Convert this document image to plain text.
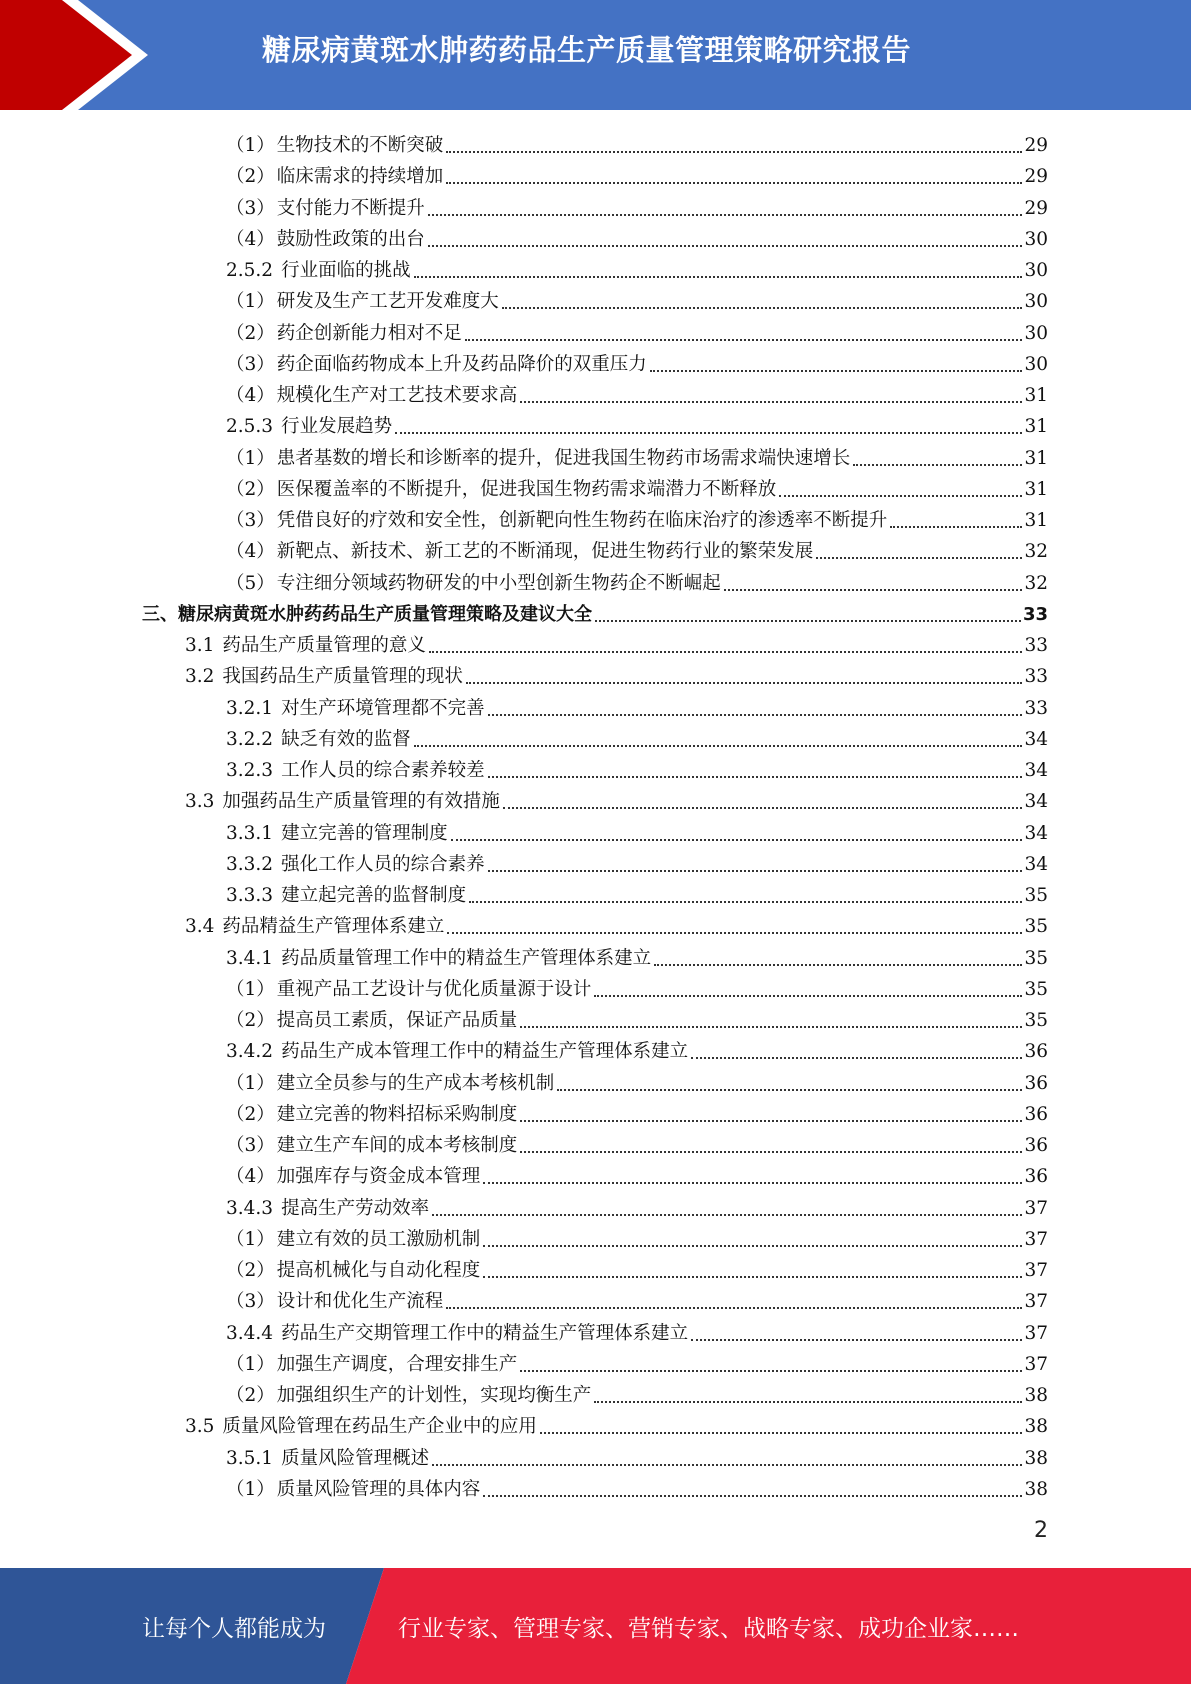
糖尿病黄斑水肿药药品生产质量管理策略研究报告
（1） 生物技术的不断突破	29
（2） 临床需求的持续增加	29
（3） 支付能力不断提升	29
（4） 鼓励性政策的出台	30
2.5.2 行业面临的挑战	30
（1） 研发及生产工艺开发难度大	30
（2） 药企创新能力相对不足	30
（3） 药企面临药物成本上升及药品降价的双重压力	30
（4） 规模化生产对工艺技术要求高	31
2.5.3 行业发展趋势	31
（1） 患者基数的增长和诊断率的提升，促进我国生物药市场需求端快速增长	31
（2） 医保覆盖率的不断提升，促进我国生物药需求端潜力不断释放	31
（3） 凭借良好的疗效和安全性，创新靶向性生物药在临床治疗的渗透率不断提升	31
（4） 新靶点、新技术、新工艺的不断涌现，促进生物药行业的繁荣发展	32
（5） 专注细分领域药物研发的中小型创新生物药企不断崛起	32
三、 糖尿病黄斑水肿药药品生产质量管理策略及建议大全	33
3.1 药品生产质量管理的意义	33
3.2 我国药品生产质量管理的现状	33
3.2.1 对生产环境管理都不完善	33
3.2.2 缺乏有效的监督	34
3.2.3 工作人员的综合素养较差	34
3.3 加强药品生产质量管理的有效措施	34
3.3.1 建立完善的管理制度	34
3.3.2 强化工作人员的综合素养	34
3.3.3 建立起完善的监督制度	35
3.4 药品精益生产管理体系建立	35
3.4.1 药品质量管理工作中的精益生产管理体系建立	35
（1） 重视产品工艺设计与优化质量源于设计	35
（2） 提高员工素质，保证产品质量	35
3.4.2 药品生产成本管理工作中的精益生产管理体系建立	36
（1） 建立全员参与的生产成本考核机制	36
（2） 建立完善的物料招标采购制度	36
（3） 建立生产车间的成本考核制度	36
（4） 加强库存与资金成本管理	36
3.4.3 提高生产劳动效率	37
（1） 建立有效的员工激励机制	37
（2） 提高机械化与自动化程度	37
（3） 设计和优化生产流程	37
3.4.4 药品生产交期管理工作中的精益生产管理体系建立	37
（1） 加强生产调度，合理安排生产	37
（2） 加强组织生产的计划性，实现均衡生产	38
3.5 质量风险管理在药品生产企业中的应用	38
3.5.1 质量风险管理概述	38
（1） 质量风险管理的具体内容	38
2
让每个人都能成为	行业专家、管理专家、营销专家、战略专家、成功企业家……
